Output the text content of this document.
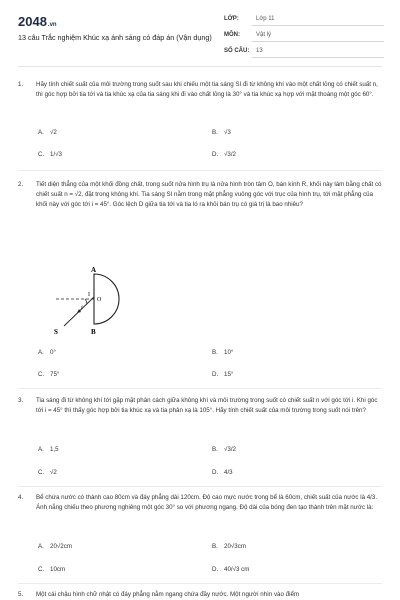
2048.vn
13 câu Trắc nghiệm Khúc xạ ánh sáng có đáp án (Vận dụng)
LỚP:	Lớp 11
MÔN:	Vật lý
SỐ CÂU: 13
1. Hãy tính chiết suất của môi trường trong suốt sau khi chiếu một tia sáng SI đi từ không khí vào một chất lỏng có chiết suất n, thì góc hợp bởi tia tới và tia khúc xạ của tia sáng khi đi vào chất lỏng là 30° và tia khúc xạ hợp với mặt thoáng một góc 60°.
A. √2	B. √3
C. 1/√3	D. √3/2
2. Tiết diện thẳng của một khối đồng chất, trong suốt nửa hình trụ là nửa hình tròn tâm O, bán kính R, khối này làm bằng chất có chiết suất n = √2, đặt trong không khí. Tia sáng SI nằm trong mặt phẳng vuông góc với trục của hình trụ, tới mặt phẳng của khối này với góc tới i = 45°. Góc lệch D giữa tia tới và tia ló ra khỏi bán trụ có giá trị là bao nhiêu?
A
i
I
O
S	B
A. 0°	B. 10°
C. 75°	D. 15°
3. Tia sáng đi từ không khí tới gặp mặt phân cách giữa không khí và môi trường trong suốt có chiết suất n với góc tới i. Khi góc tới i = 45° thì thấy góc hợp bởi tia khúc xạ và tia phản xạ là 105°. Hãy tính chiết suất của môi trường trong suốt nói trên?
A. 1,5	B. √3/2
C. √2	D. 4/3
4. Bể chứa nước có thành cao 80cm và đáy phẳng dài 120cm. Độ cao mực nước trong bể là 60cm, chiết suất của nước là 4/3. Ánh nắng chiếu theo phương nghiêng một góc 30° so với phương ngang. Độ dài của bóng đen tạo thành trên mặt nước là:
A. 20√2cm	B. 20√3cm
C. 10cm	D. 40/√3 cm
5. Một cái chậu hình chữ nhật có đáy phẳng nằm ngang chứa đầy nước. Một người nhìn vào điểm
